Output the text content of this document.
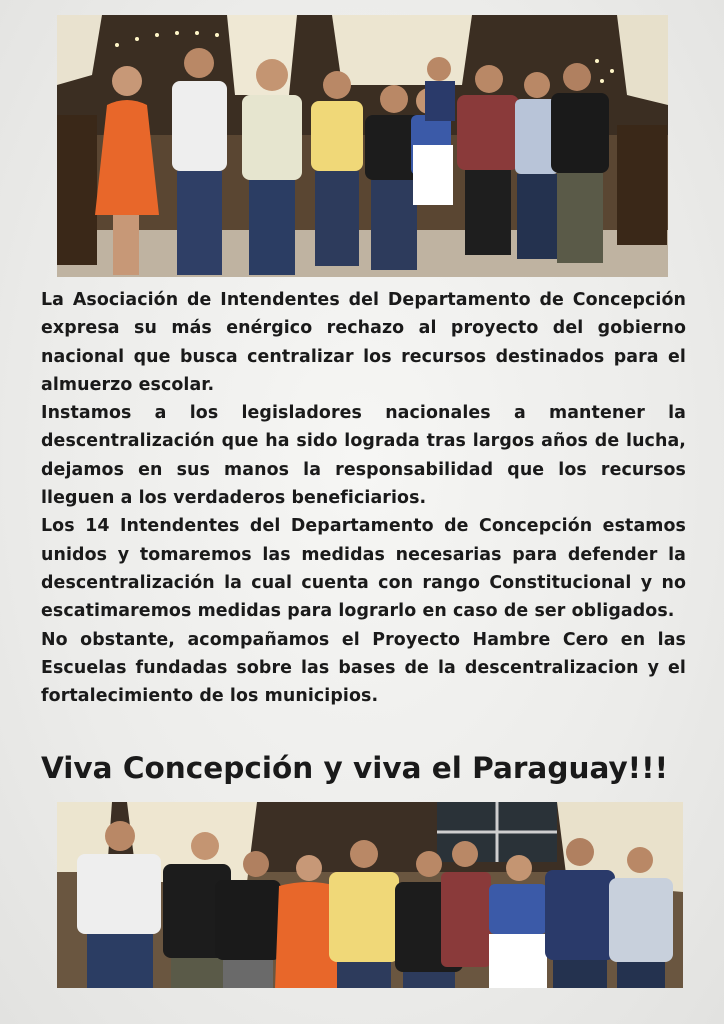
La Asociación de Intendentes del Departamento de Concepción expresa su más enérgico rechazo al proyecto del gobierno nacional que busca centralizar los recursos destinados para el almuerzo escolar.

Instamos a los legisladores nacionales a mantener la descentralización que ha sido lograda tras largos años de lucha, dejamos en sus manos la responsabilidad que los recursos lleguen a los verdaderos beneficiarios.

Los 14 Intendentes del Departamento de Concepción estamos unidos y tomaremos las medidas necesarias para defender la descentralización la cual cuenta con rango Constitucional y no escatimaremos medidas para lograrlo en caso de ser obligados.

No obstante, acompañamos el Proyecto Hambre Cero en las Escuelas fundadas sobre las bases de la descentralizacion y el fortalecimiento de los municipios.

Viva Concepción y viva el Paraguay!!!
